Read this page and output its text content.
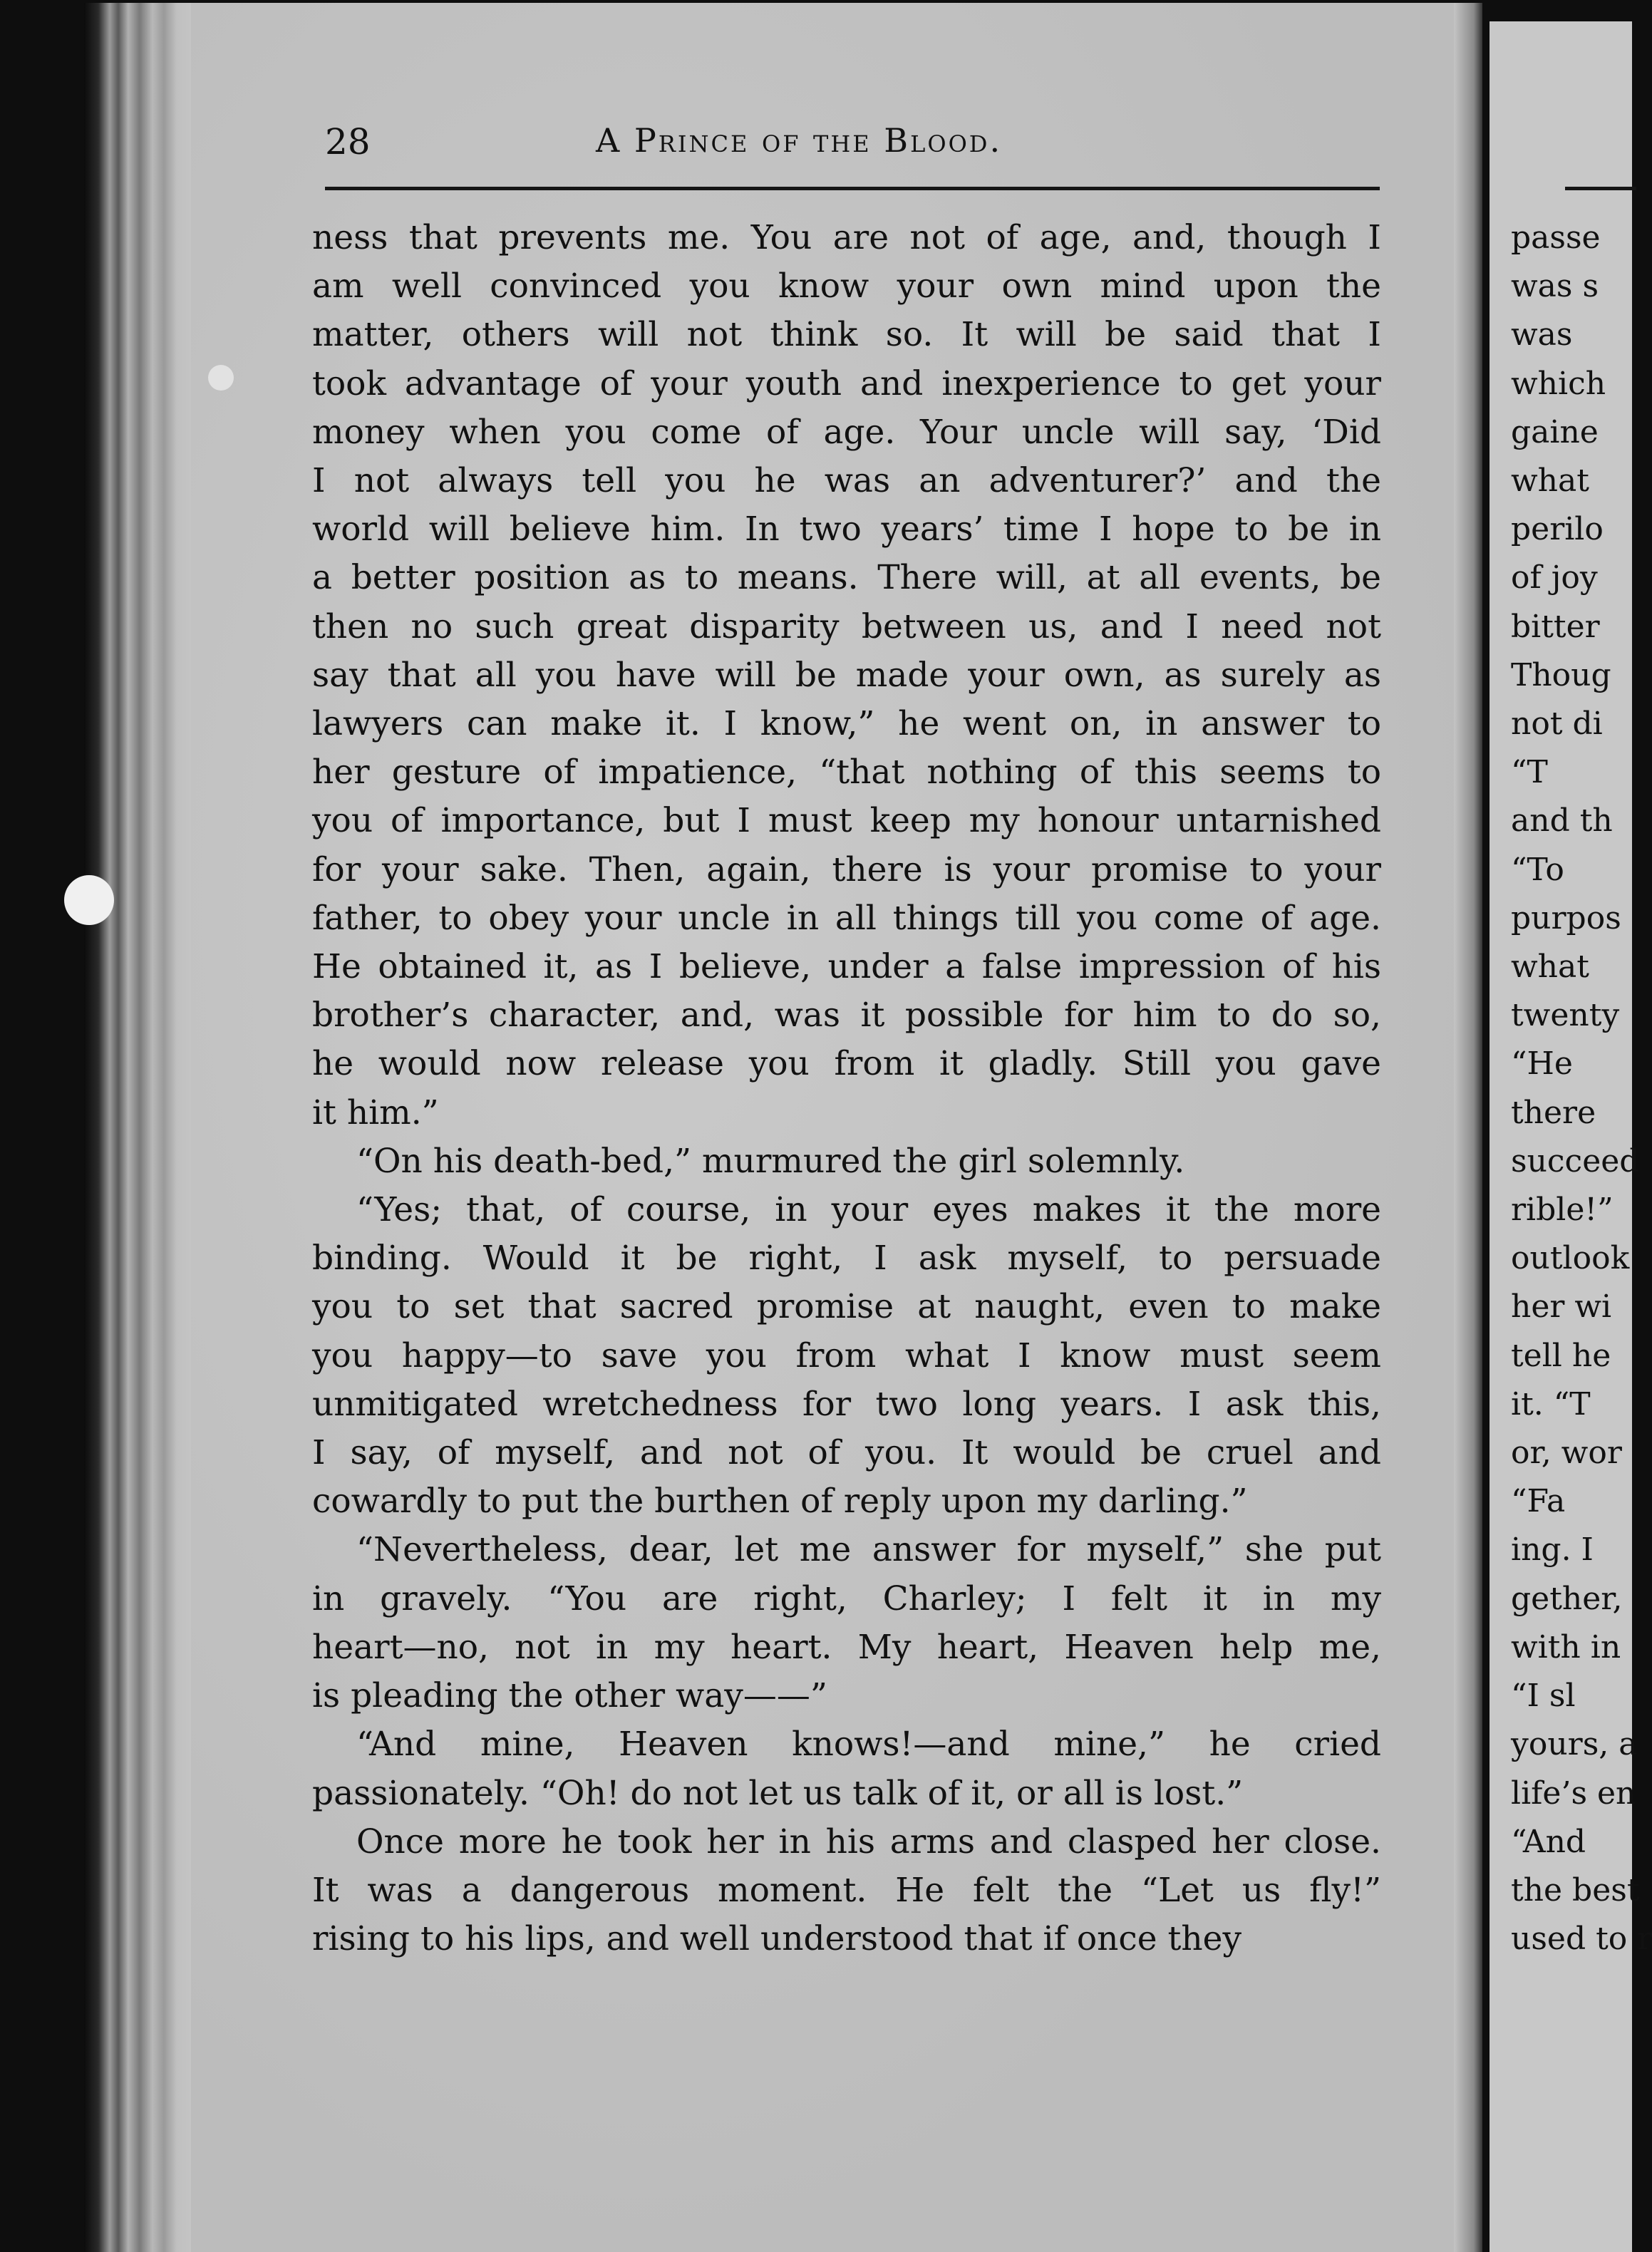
28	A Prince of the Blood.
ness that prevents me. You are not of age, and, though I
am well convinced you know your own mind upon the
matter, others will not think so. It will be said that I
took advantage of your youth and inexperience to get your
money when you come of age. Your uncle will say, ‘Did
I not always tell you he was an adventurer?’ and the
world will believe him. In two years’ time I hope to be in
a better position as to means. There will, at all events, be
then no such great disparity between us, and I need not
say that all you have will be made your own, as surely as
lawyers can make it. I know,” he went on, in answer to
her gesture of impatience, “that nothing of this seems to
you of importance, but I must keep my honour untarnished
for your sake. Then, again, there is your promise to your
father, to obey your uncle in all things till you come of age.
He obtained it, as I believe, under a false impression of his
brother’s character, and, was it possible for him to do so,
he would now release you from it gladly. Still you gave
it him.”
“On his death-bed,” murmured the girl solemnly.
“Yes; that, of course, in your eyes makes it the more
binding. Would it be right, I ask myself, to persuade
you to set that sacred promise at naught, even to make
you happy—to save you from what I know must seem
unmitigated wretchedness for two long years. I ask this,
I say, of myself, and not of you. It would be cruel and
cowardly to put the burthen of reply upon my darling.”
“Nevertheless, dear, let me answer for myself,” she put
in gravely. “You are right, Charley; I felt it in my
heart—no, not in my heart. My heart, Heaven help me,
is pleading the other way——”
“And mine, Heaven knows!—and mine,” he cried
passionately. “Oh! do not let us talk of it, or all is lost.”
Once more he took her in his arms and clasped her close.
It was a dangerous moment. He felt the “Let us fly!”
rising to his lips, and well understood that if once they
passe
was s
was
which
gaine
what
perilo
of joy
bitter
Thoug
not di
“T
and th
“To
purpos
what
twenty
“He
there
succeed
rible!”
outlook
her wi
tell he
it. “T
or, wor
“Fa
ing. I
gether,
with in
“I sl
yours, a
life’s en
“And
the best
used to r
